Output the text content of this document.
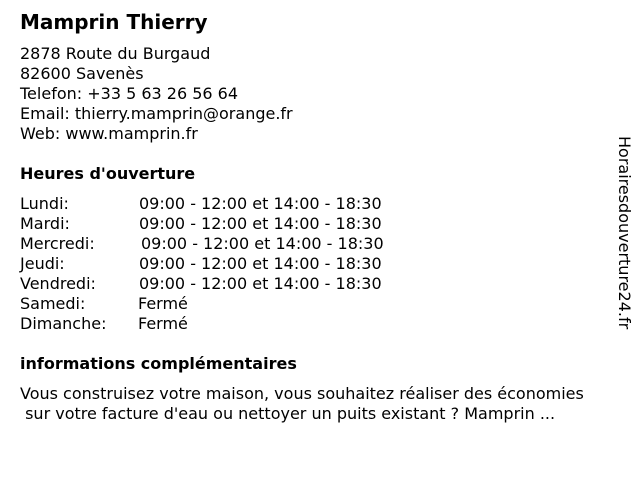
Mamprin Thierry
2878 Route du Burgaud
82600 Savenès
Telefon: +33 5 63 26 56 64
Email: thierry.mamprin@orange.fr
Web: www.mamprin.fr
Heures d'ouverture
Lundi:	09:00 - 12:00 et 14:00 - 18:30
Mardi:	09:00 - 12:00 et 14:00 - 18:30
Mercredi:	09:00 - 12:00 et 14:00 - 18:30
Jeudi:	09:00 - 12:00 et 14:00 - 18:30
Vendredi:	09:00 - 12:00 et 14:00 - 18:30
Samedi:	Fermé
Dimanche: Fermé
informations complémentaires
Vous construisez votre maison, vous souhaitez réaliser des économies
sur votre facture d'eau ou nettoyer un puits existant ? Mamprin ...
Horairesdouverture24.fr
